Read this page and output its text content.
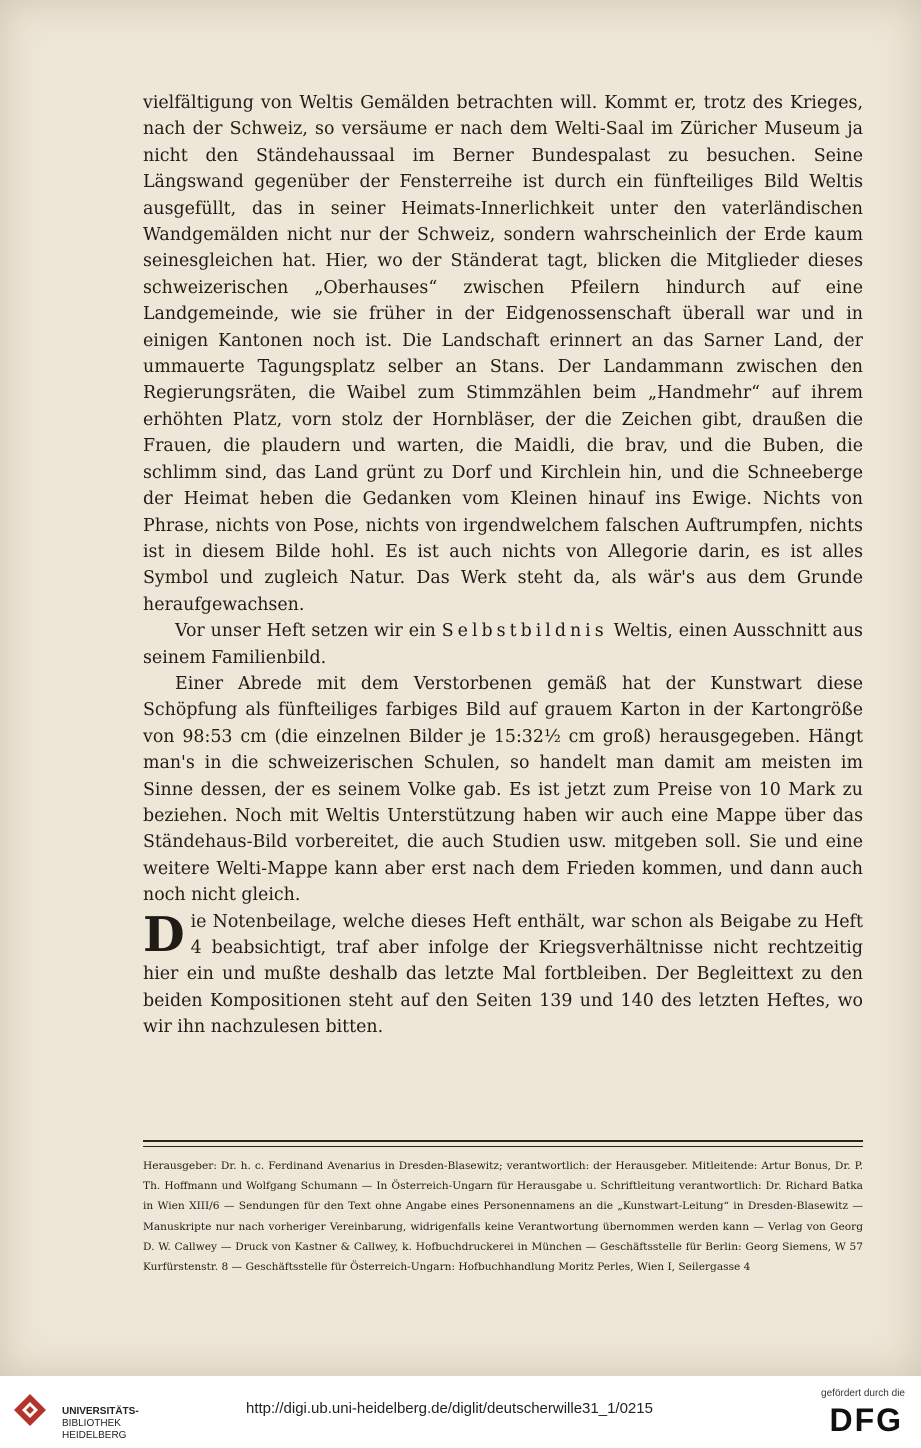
vielfältigung von Weltis Gemälden betrachten will. Kommt er, trotz des Krieges, nach der Schweiz, so versäume er nach dem Welti-Saal im Züricher Museum ja nicht den Ständehaussaal im Berner Bundespalast zu besuchen. Seine Längswand gegenüber der Fensterreihe ist durch ein fünfteiliges Bild Weltis ausgefüllt, das in seiner Heimats-Innerlichkeit unter den vaterländischen Wandgemälden nicht nur der Schweiz, sondern wahrscheinlich der Erde kaum seinesgleichen hat. Hier, wo der Ständerat tagt, blicken die Mitglieder dieses schweizerischen „Oberhauses“ zwischen Pfeilern hindurch auf eine Landgemeinde, wie sie früher in der Eidgenossenschaft überall war und in einigen Kantonen noch ist. Die Landschaft erinnert an das Sarner Land, der ummauerte Tagungsplatz selber an Stans. Der Landammann zwischen den Regierungsräten, die Waibel zum Stimmzählen beim „Handmehr“ auf ihrem erhöhten Platz, vorn stolz der Hornbläser, der die Zeichen gibt, draußen die Frauen, die plaudern und warten, die Maidli, die brav, und die Buben, die schlimm sind, das Land grünt zu Dorf und Kirchlein hin, und die Schneeberge der Heimat heben die Gedanken vom Kleinen hinauf ins Ewige. Nichts von Phrase, nichts von Pose, nichts von irgendwelchem falschen Auftrumpfen, nichts ist in diesem Bilde hohl. Es ist auch nichts von Allegorie darin, es ist alles Symbol und zugleich Natur. Das Werk steht da, als wär's aus dem Grunde heraufgewachsen.

Vor unser Heft setzen wir ein Selbstbildnis Weltis, einen Ausschnitt aus seinem Familienbild.

Einer Abrede mit dem Verstorbenen gemäß hat der Kunstwart diese Schöpfung als fünfteiliges farbiges Bild auf grauem Karton in der Kartongröße von 98:53 cm (die einzelnen Bilder je 15:32½ cm groß) herausgegeben. Hängt man's in die schweizerischen Schulen, so handelt man damit am meisten im Sinne dessen, der es seinem Volke gab. Es ist jetzt zum Preise von 10 Mark zu beziehen. Noch mit Weltis Unterstützung haben wir auch eine Mappe über das Ständehaus-Bild vorbereitet, die auch Studien usw. mitgeben soll. Sie und eine weitere Welti-Mappe kann aber erst nach dem Frieden kommen, und dann auch noch nicht gleich.

Die Notenbeilage, welche dieses Heft enthält, war schon als Beigabe zu Heft 4 beabsichtigt, traf aber infolge der Kriegsverhältnisse nicht rechtzeitig hier ein und mußte deshalb das letzte Mal fortbleiben. Der Begleittext zu den beiden Kompositionen steht auf den Seiten 139 und 140 des letzten Heftes, wo wir ihn nachzulesen bitten.

Herausgeber: Dr. h. c. Ferdinand Avenarius in Dresden-Blasewitz; verantwortlich: der Herausgeber. Mitleitende: Artur Bonus, Dr. P. Th. Hoffmann und Wolfgang Schumann — In Österreich-Ungarn für Herausgabe u. Schriftleitung verantwortlich: Dr. Richard Batka in Wien XIII/6 — Sendungen für den Text ohne Angabe eines Personennamens an die „Kunstwart-Leitung“ in Dresden-Blasewitz — Manuskripte nur nach vorheriger Vereinbarung, widrigenfalls keine Verantwortung übernommen werden kann — Verlag von Georg D. W. Callwey — Druck von Kastner & Callwey, k. Hofbuchdruckerei in München — Geschäftsstelle für Berlin: Georg Siemens, W 57 Kurfürstenstr. 8 — Geschäftsstelle für Österreich-Ungarn: Hofbuchhandlung Moritz Perles, Wien I, Seilergasse 4

UNIVERSITÄTS-
BIBLIOTHEK
HEIDELBERG

http://digi.ub.uni-heidelberg.de/diglit/deutscherwille31_1/0215
gefördert durch die
DFG
